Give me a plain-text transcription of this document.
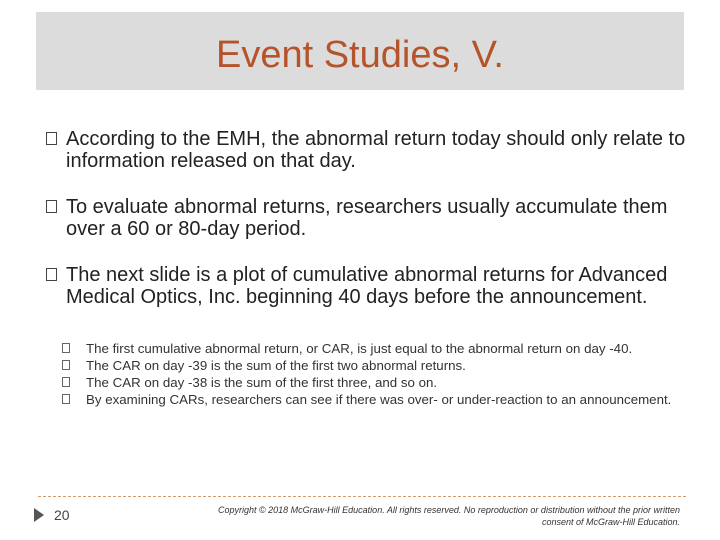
Event Studies, V.
According to the EMH, the abnormal return today should only relate to information released on that day.
To evaluate abnormal returns, researchers usually accumulate them over a 60 or 80-day period.
The next slide is a plot of cumulative abnormal returns for Advanced Medical Optics, Inc. beginning 40 days before the announcement.
The first cumulative abnormal return, or CAR, is just equal to the abnormal return on day -40.
The CAR on day -39 is the sum of the first two abnormal returns.
The CAR on day -38 is the sum of the first three, and so on.
By examining CARs, researchers can see if there was over- or under-reaction to an announcement.
20	Copyright © 2018 McGraw-Hill Education. All rights reserved. No reproduction or distribution without the prior written consent of McGraw-Hill Education.
